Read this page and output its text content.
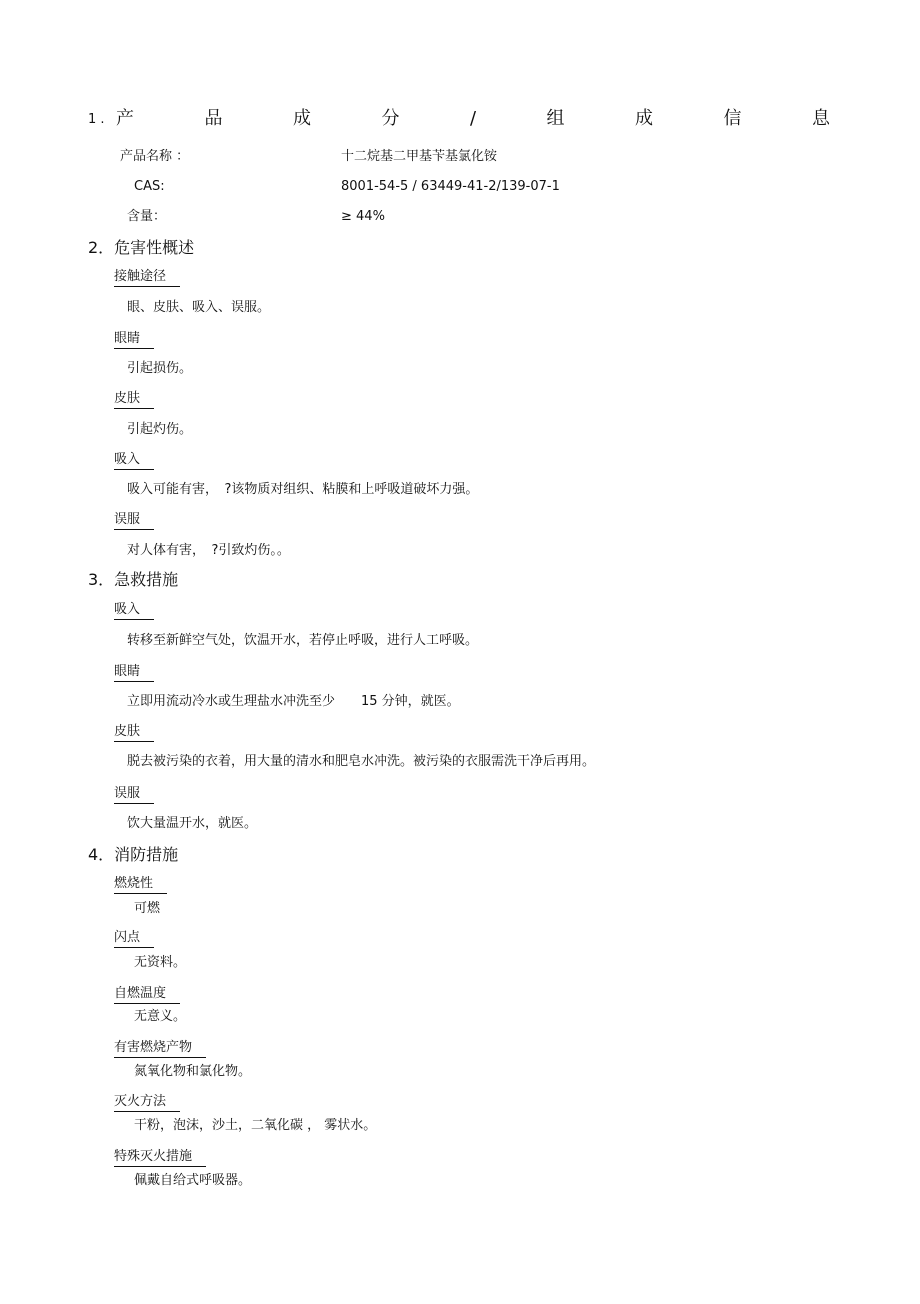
1 . 产	品	成	分	/	组	成	信	息
产品名称 ：	十二烷基二甲基苄基氯化铵
CAS:	8001-54-5 / 63449-41-2/139-07-1
含量：	≥ 44%
2．危害性概述
接触途径
眼、皮肤、吸入、误服。
眼睛
引起损伤。
皮肤
引起灼伤。
吸入
吸入可能有害，　?该物质对组织、粘膜和上呼吸道破坏力强。
误服
对人体有害，　?引致灼伤。。
3．急救措施
吸入
转移至新鲜空气处，饮温开水，若停止呼吸，进行人工呼吸。
眼睛
立即用流动冷水或生理盐水冲洗至少　　15 分钟，就医。
皮肤
脱去被污染的衣着，用大量的清水和肥皂水冲洗。被污染的衣服需洗干净后再用。
误服
饮大量温开水，就医。
4．消防措施
燃烧性
可燃
闪点
无资料。
自燃温度
无意义。
有害燃烧产物
氮氧化物和氯化物。
灭火方法
干粉，泡沫，沙土，二氧化碳 ， 雾状水。
特殊灭火措施
佩戴自给式呼吸器。
